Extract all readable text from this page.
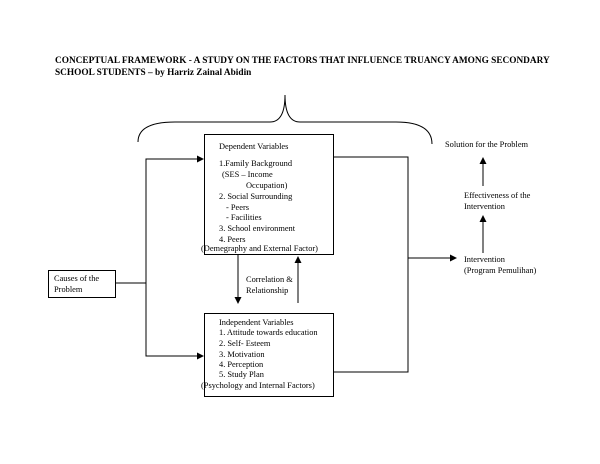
CONCEPTUAL FRAMEWORK - A STUDY ON THE FACTORS THAT INFLUENCE TRUANCY AMONG SECONDARY
SCHOOL STUDENTS – by Harriz Zainal Abidin
Dependent Variables
1.Family Background
(SES – Income
Occupation)
2. Social Surrounding
- Peers
- Facilities
3. School environment
4. Peers
(Demegraphy and External Factor)
Correlation &
Relationship
Independent Variables
1. Attitude towards education
2. Self- Esteem
3. Motivation
4. Perception
5. Study Plan
(Psychology and Internal Factors)
Causes of the
Problem
Solution for the Problem
Effectiveness of the
Intervention
Intervention
(Program Pemulihan)
